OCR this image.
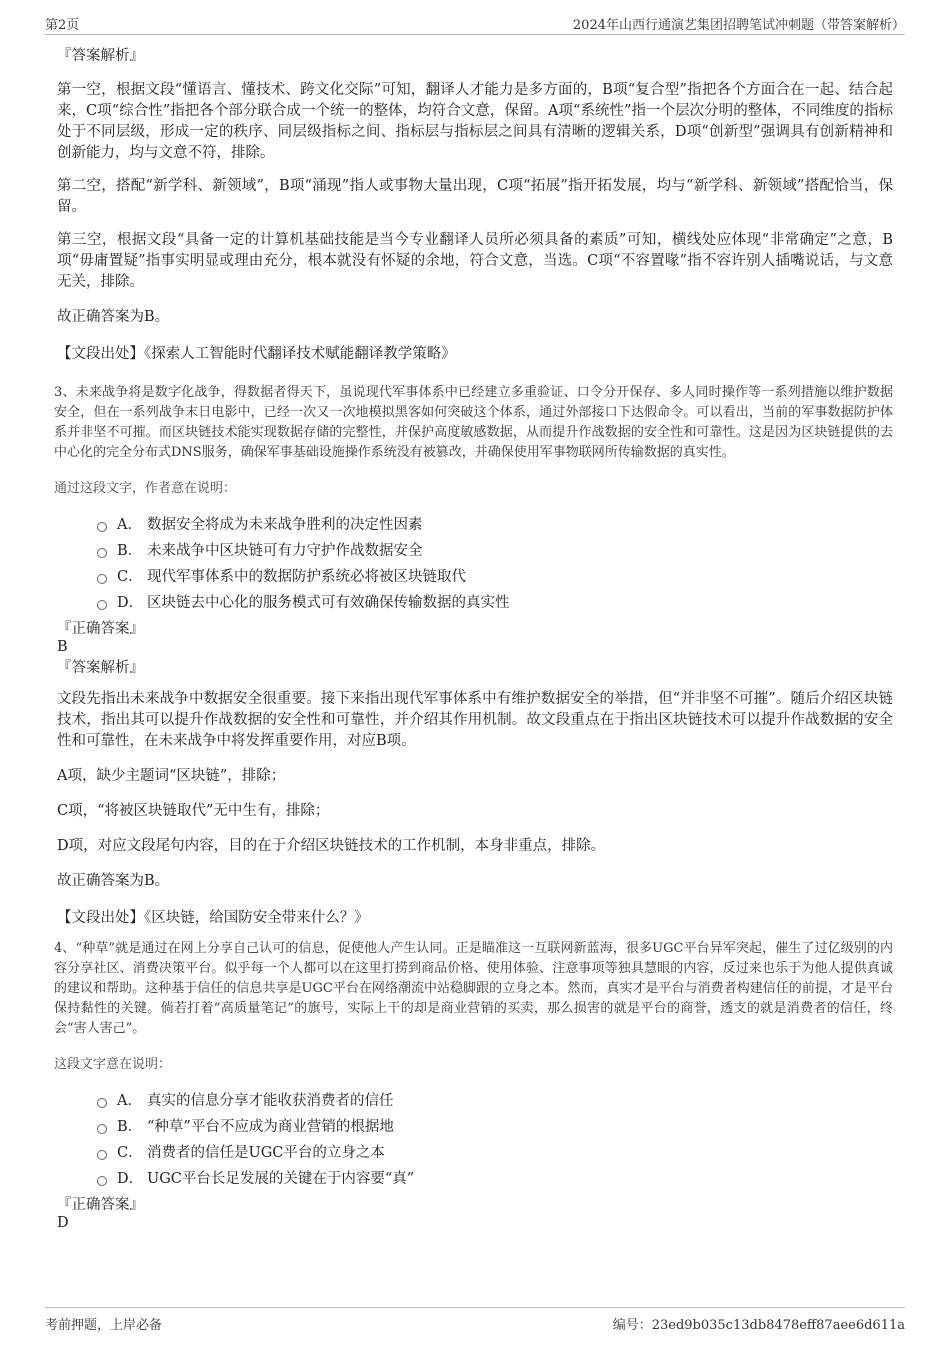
第2页	2024年山西行通演艺集团招聘笔试冲刺题（带答案解析）
『答案解析』

第一空，根据文段“懂语言、懂技术、跨文化交际”可知，翻译人才能力是多方面的，B项“复合型”指把各个方面合在一起、结合起来，C项“综合性”指把各个部分联合成一个统一的整体，均符合文意，保留。A项“系统性”指一个层次分明的整体，不同维度的指标处于不同层级，形成一定的秩序、同层级指标之间、指标层与指标层之间具有清晰的逻辑关系，D项“创新型”强调具有创新精神和创新能力，均与文意不符，排除。

第二空，搭配“新学科、新领域”，B项“涌现”指人或事物大量出现，C项“拓展”指开拓发展，均与“新学科、新领域”搭配恰当，保留。

第三空，根据文段“具备一定的计算机基础技能是当今专业翻译人员所必须具备的素质”可知，横线处应体现“非常确定”之意，B项“毋庸置疑”指事实明显或理由充分，根本就没有怀疑的余地，符合文意，当选。C项“不容置喙”指不容许别人插嘴说话，与文意无关，排除。

故正确答案为B。

【文段出处】《探索人工智能时代翻译技术赋能翻译教学策略》

3、未来战争将是数字化战争，得数据者得天下，虽说现代军事体系中已经建立多重验证、口令分开保存、多人同时操作等一系列措施以维护数据安全，但在一系列战争末日电影中，已经一次又一次地模拟黑客如何突破这个体系，通过外部接口下达假命令。可以看出，当前的军事数据防护体系并非坚不可摧。而区块链技术能实现数据存储的完整性，并保护高度敏感数据，从而提升作战数据的安全性和可靠性。这是因为区块链提供的去中心化的完全分布式DNS服务，确保军事基础设施操作系统没有被篡改，并确保使用军事物联网所传输数据的真实性。

通过这段文字，作者意在说明：

A． 数据安全将成为未来战争胜利的决定性因素
B． 未来战争中区块链可有力守护作战数据安全
C． 现代军事体系中的数据防护系统必将被区块链取代
D． 区块链去中心化的服务模式可有效确保传输数据的真实性
『正确答案』
B
『答案解析』

文段先指出未来战争中数据安全很重要。接下来指出现代军事体系中有维护数据安全的举措，但“并非坚不可摧”。随后介绍区块链技术，指出其可以提升作战数据的安全性和可靠性，并介绍其作用机制。故文段重点在于指出区块链技术可以提升作战数据的安全性和可靠性，在未来战争中将发挥重要作用，对应B项。

A项，缺少主题词“区块链”，排除；

C项，“将被区块链取代”无中生有，排除；

D项，对应文段尾句内容，目的在于介绍区块链技术的工作机制，本身非重点，排除。

故正确答案为B。

【文段出处】《区块链，给国防安全带来什么？》

4、“种草”就是通过在网上分享自己认可的信息，促使他人产生认同。正是瞄准这一互联网新蓝海，很多UGC平台异军突起，催生了过亿级别的内容分享社区、消费决策平台。似乎每一个人都可以在这里打捞到商品价格、使用体验、注意事项等独具慧眼的内容，反过来也乐于为他人提供真诚的建议和帮助。这种基于信任的信息共享是UGC平台在网络潮流中站稳脚跟的立身之本。然而，真实才是平台与消费者构建信任的前提，才是平台保持黏性的关键。倘若打着“高质量笔记”的旗号，实际上干的却是商业营销的买卖，那么损害的就是平台的商誉，透支的就是消费者的信任，终会“害人害己”。

这段文字意在说明：

A． 真实的信息分享才能收获消费者的信任
B． “种草”平台不应成为商业营销的根据地
C． 消费者的信任是UGC平台的立身之本
D． UGC平台长足发展的关键在于内容要“真”
『正确答案』
D
考前押题，上岸必备	编号：23ed9b035c13db8478eff87aee6d611a
